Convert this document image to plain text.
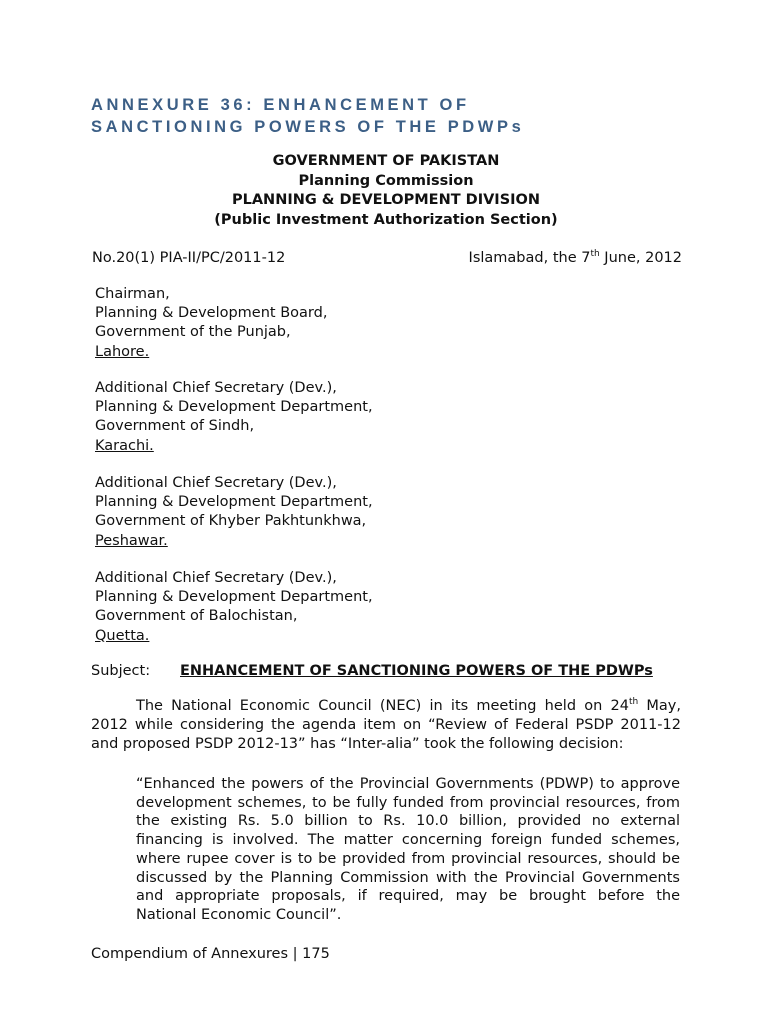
ANNEXURE 36: ENHANCEMENT OF
SANCTIONING POWERS OF THE PDWPs
GOVERNMENT OF PAKISTAN
Planning Commission
PLANNING & DEVELOPMENT DIVISION
(Public Investment Authorization Section)
No.20(1) PIA-II/PC/2011-12	Islamabad, the 7th June, 2012
Chairman,
Planning & Development Board,
Government of the Punjab,
Lahore.
Additional Chief Secretary (Dev.),
Planning & Development Department,
Government of Sindh,
Karachi.
Additional Chief Secretary (Dev.),
Planning & Development Department,
Government of Khyber Pakhtunkhwa,
Peshawar.
Additional Chief Secretary (Dev.),
Planning & Development Department,
Government of Balochistan,
Quetta.
Subject: ENHANCEMENT OF SANCTIONING POWERS OF THE PDWPs
The National Economic Council (NEC) in its meeting held on 24th May, 2012 while considering the agenda item on “Review of Federal PSDP 2011-12 and proposed PSDP 2012-13” has “Inter-alia” took the following decision:
“Enhanced the powers of the Provincial Governments (PDWP) to approve development schemes, to be fully funded from provincial resources, from the existing Rs. 5.0 billion to Rs. 10.0 billion, provided no external financing is involved. The matter concerning foreign funded schemes, where rupee cover is to be provided from provincial resources, should be discussed by the Planning Commission with the Provincial Governments and appropriate proposals, if required, may be brought before the National Economic Council”.
Compendium of Annexures | 175
